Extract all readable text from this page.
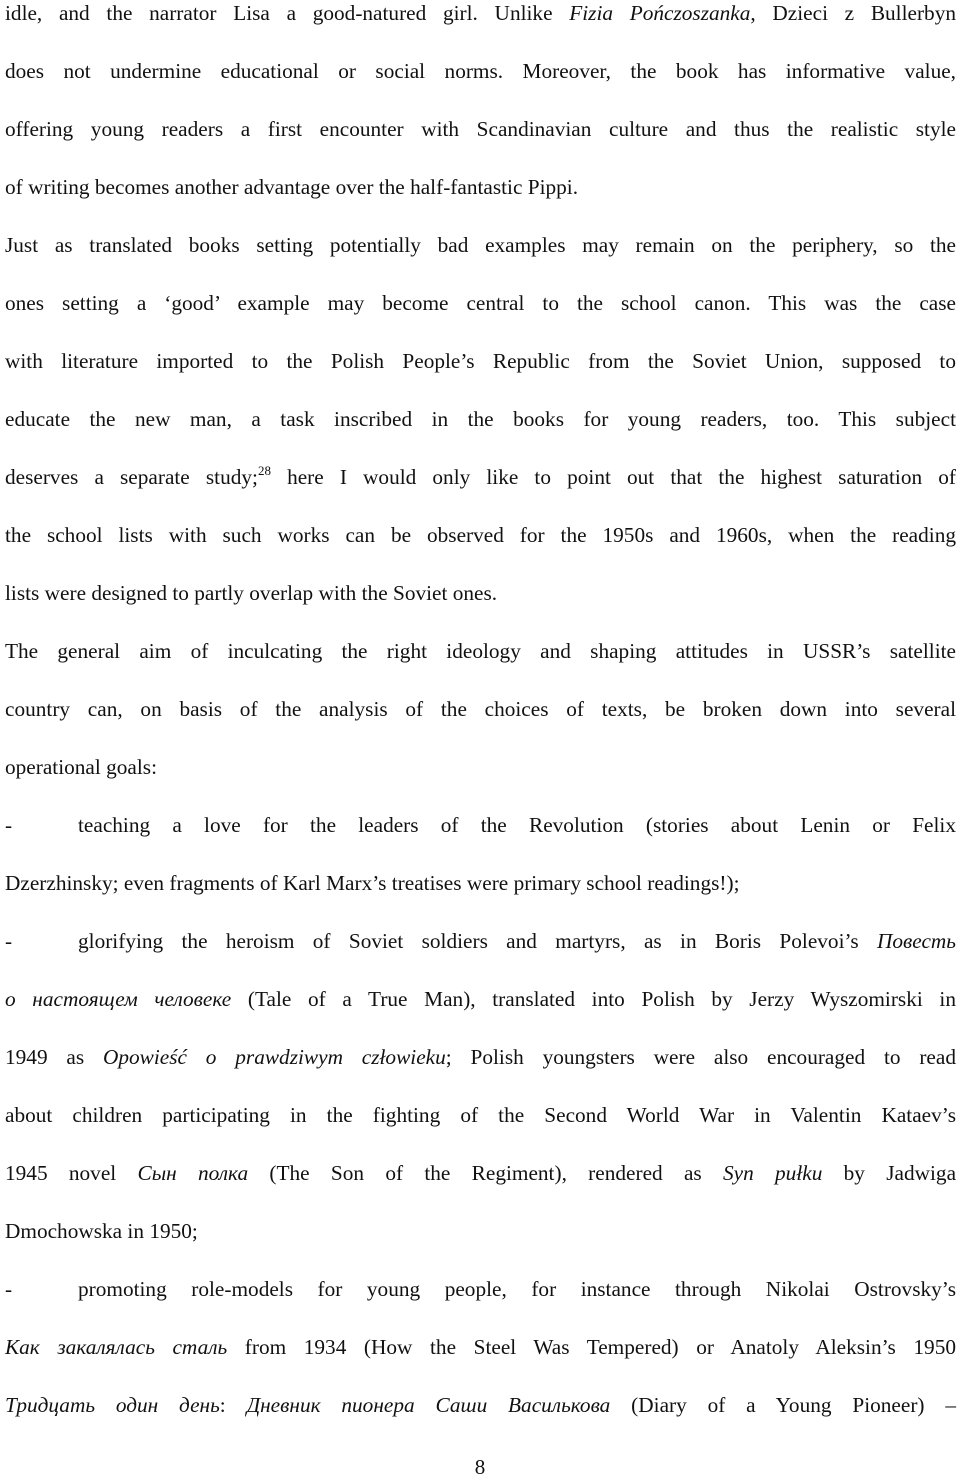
idle, and the narrator Lisa a good-natured girl. Unlike Fizia Pończoszanka, Dzieci z Bullerbyn
does not undermine educational or social norms. Moreover, the book has informative value,
offering young readers a first encounter with Scandinavian culture and thus the realistic style
of writing becomes another advantage over the half-fantastic Pippi.
Just as translated books setting potentially bad examples may remain on the periphery, so the
ones setting a ‘good’ example may become central to the school canon. This was the case
with literature imported to the Polish People’s Republic from the Soviet Union, supposed to
educate the new man, a task inscribed in the books for young readers, too. This subject
deserves a separate study;$^{28}$ here I would only like to point out that the highest saturation of
the school lists with such works can be observed for the 1950s and 1960s, when the reading
lists were designed to partly overlap with the Soviet ones.
The general aim of inculcating the right ideology and shaping attitudes in USSR’s satellite
country can, on basis of the analysis of the choices of texts, be broken down into several
operational goals:
-	teaching a love for the leaders of the Revolution (stories about Lenin or Felix
Dzerzhinsky; even fragments of Karl Marx’s treatises were primary school readings!);
-	glorifying the heroism of Soviet soldiers and martyrs, as in Boris Polevoi’s Повесть
о настоящем человеке (Tale of a True Man), translated into Polish by Jerzy Wyszomirski in
1949 as Opowieść o prawdziwym człowieku; Polish youngsters were also encouraged to read
about children participating in the fighting of the Second World War in Valentin Kataev’s
1945 novel Сын полка (The Son of the Regiment), rendered as Syn pułku by Jadwiga
Dmochowska in 1950;
-	promoting role-models for young people, for instance through Nikolai Ostrovsky’s
Как закалялась сталь from 1934 (How the Steel Was Tempered) or Anatoly Aleksin’s 1950
Тридцать один день: Дневник пионера Саши Василькова (Diary of a Young Pioneer) –
8
